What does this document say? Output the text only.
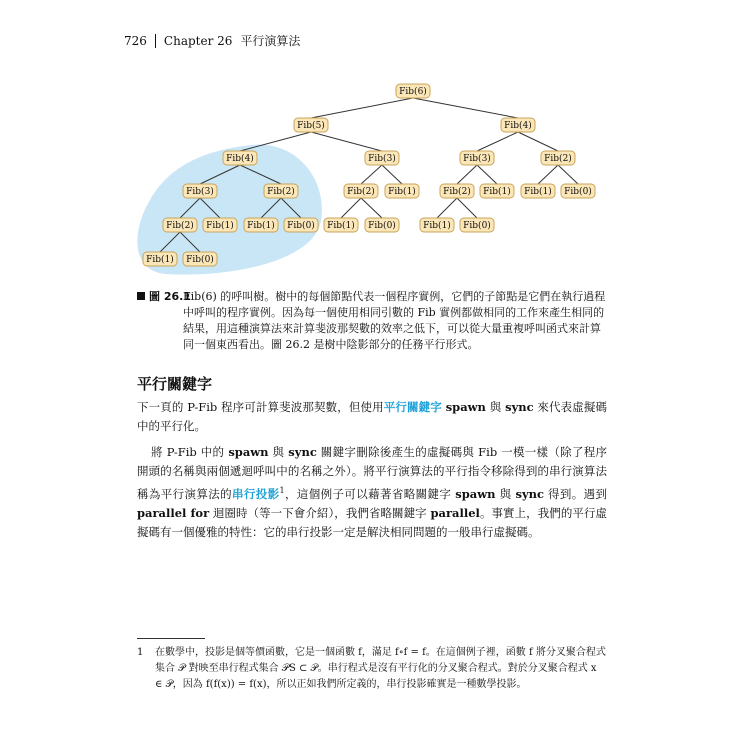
726 Chapter 26 平行演算法
Fib(6)
Fib(5)	Fib(4)
Fib(4)	Fib(3)	Fib(3)	Fib(2)
Fib(3)	Fib(2)	Fib(2) Fib(1)	Fib(2) Fib(1) Fib(1) Fib(0)
Fib(2) Fib(1) Fib(1) Fib(0) Fib(1) Fib(0)	Fib(1) Fib(0)
Fib(1) Fib(0)
圖 26.1
Fib(6) 的呼叫樹。樹中的每個節點代表一個程序實例，它們的子節點是它們在執行過程中呼叫的程序實例。因為每一個使用相同引數的 Fib 實例都做相同的工作來產生相同的結果，用這種演算法來計算斐波那契數的效率之低下，可以從大量重複呼叫函式來計算同一個東西看出。圖 26.2 是樹中陰影部分的任務平行形式。
平行關鍵字
下一頁的 P-Fib 程序可計算斐波那契數，但使用平行關鍵字 spawn 與 sync 來代表虛擬碼中的平行化。
將 P-Fib 中的 spawn 與 sync 關鍵字刪除後產生的虛擬碼與 Fib 一模一樣（除了程序開頭的名稱與兩個遞迴呼叫中的名稱之外）。將平行演算法的平行指令移除得到的串行演算法稱為平行演算法的串行投影$^1$，這個例子可以藉著省略關鍵字 spawn 與 sync 得到。遇到 parallel for 迴圈時（等一下會介紹），我們省略關鍵字 parallel。事實上，我們的平行虛擬碼有一個優雅的特性：它的串行投影一定是解決相同問題的一般串行虛擬碼。
1	在數學中，投影是個等價函數，它是一個函數 f，滿足 f∘f = f。在這個例子裡，函數 f 將分叉聚合程式集合 𝒫 對映至串行程式集合 𝒫S ⊂ 𝒫。串行程式是沒有平行化的分叉聚合程式。對於分叉聚合程式 x ∈ 𝒫，因為 f(f(x)) = f(x)，所以正如我們所定義的，串行投影確實是一種數學投影。
